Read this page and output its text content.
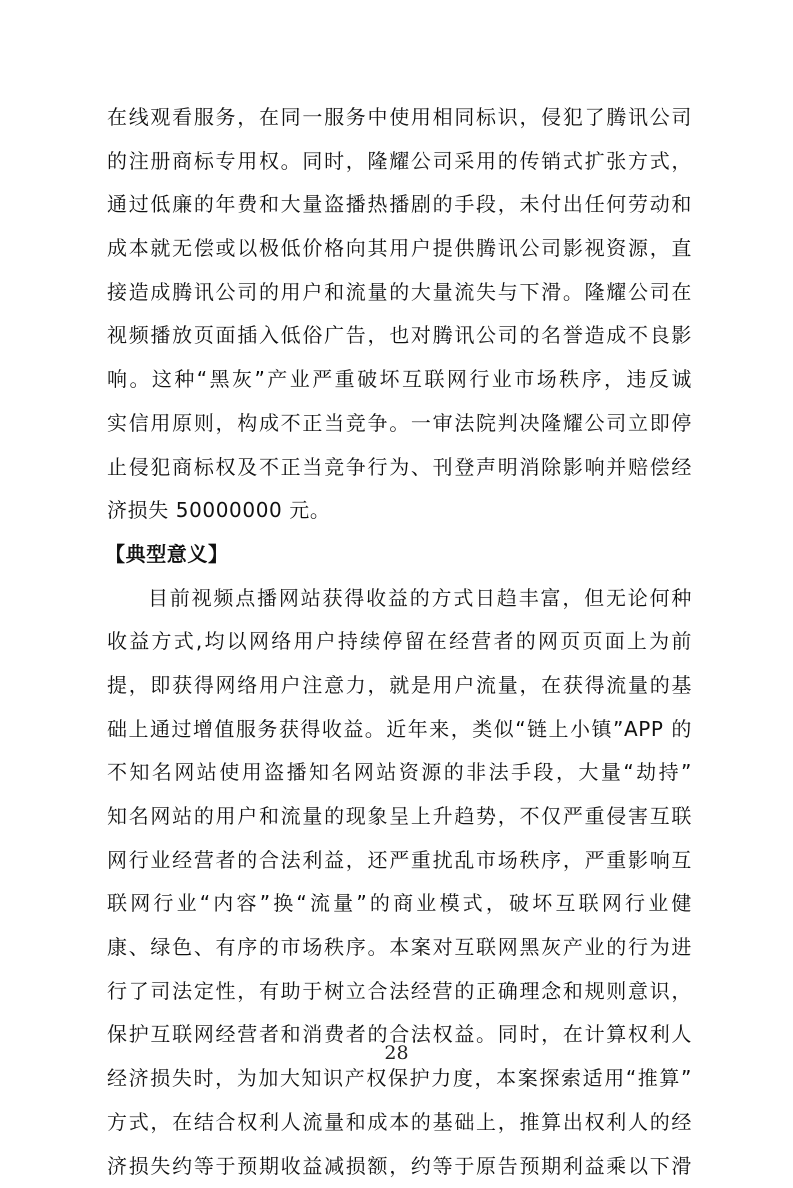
在线观看服务，在同一服务中使用相同标识，侵犯了腾讯公司
的注册商标专用权。同时，隆耀公司采用的传销式扩张方式，
通过低廉的年费和大量盗播热播剧的手段，未付出任何劳动和
成本就无偿或以极低价格向其用户提供腾讯公司影视资源，直
接造成腾讯公司的用户和流量的大量流失与下滑。隆耀公司在
视频播放页面插入低俗广告，也对腾讯公司的名誉造成不良影
响。这种“黑灰”产业严重破坏互联网行业市场秩序，违反诚
实信用原则，构成不正当竞争。一审法院判决隆耀公司立即停
止侵犯商标权及不正当竞争行为、刊登声明消除影响并赔偿经
济损失 50000000 元。
【典型意义】
目前视频点播网站获得收益的方式日趋丰富，但无论何种
收益方式,均以网络用户持续停留在经营者的网页页面上为前
提，即获得网络用户注意力，就是用户流量，在获得流量的基
础上通过增值服务获得收益。近年来，类似“链上小镇”APP 的
不知名网站使用盗播知名网站资源的非法手段，大量“劫持”
知名网站的用户和流量的现象呈上升趋势，不仅严重侵害互联
网行业经营者的合法利益，还严重扰乱市场秩序，严重影响互
联网行业“内容”换“流量”的商业模式，破坏互联网行业健
康、绿色、有序的市场秩序。本案对互联网黑灰产业的行为进
行了司法定性，有助于树立合法经营的正确理念和规则意识，
保护互联网经营者和消费者的合法权益。同时，在计算权利人
经济损失时，为加大知识产权保护力度，本案探索适用“推算”
方式，在结合权利人流量和成本的基础上，推算出权利人的经
济损失约等于预期收益减损额，约等于原告预期利益乘以下滑
28
